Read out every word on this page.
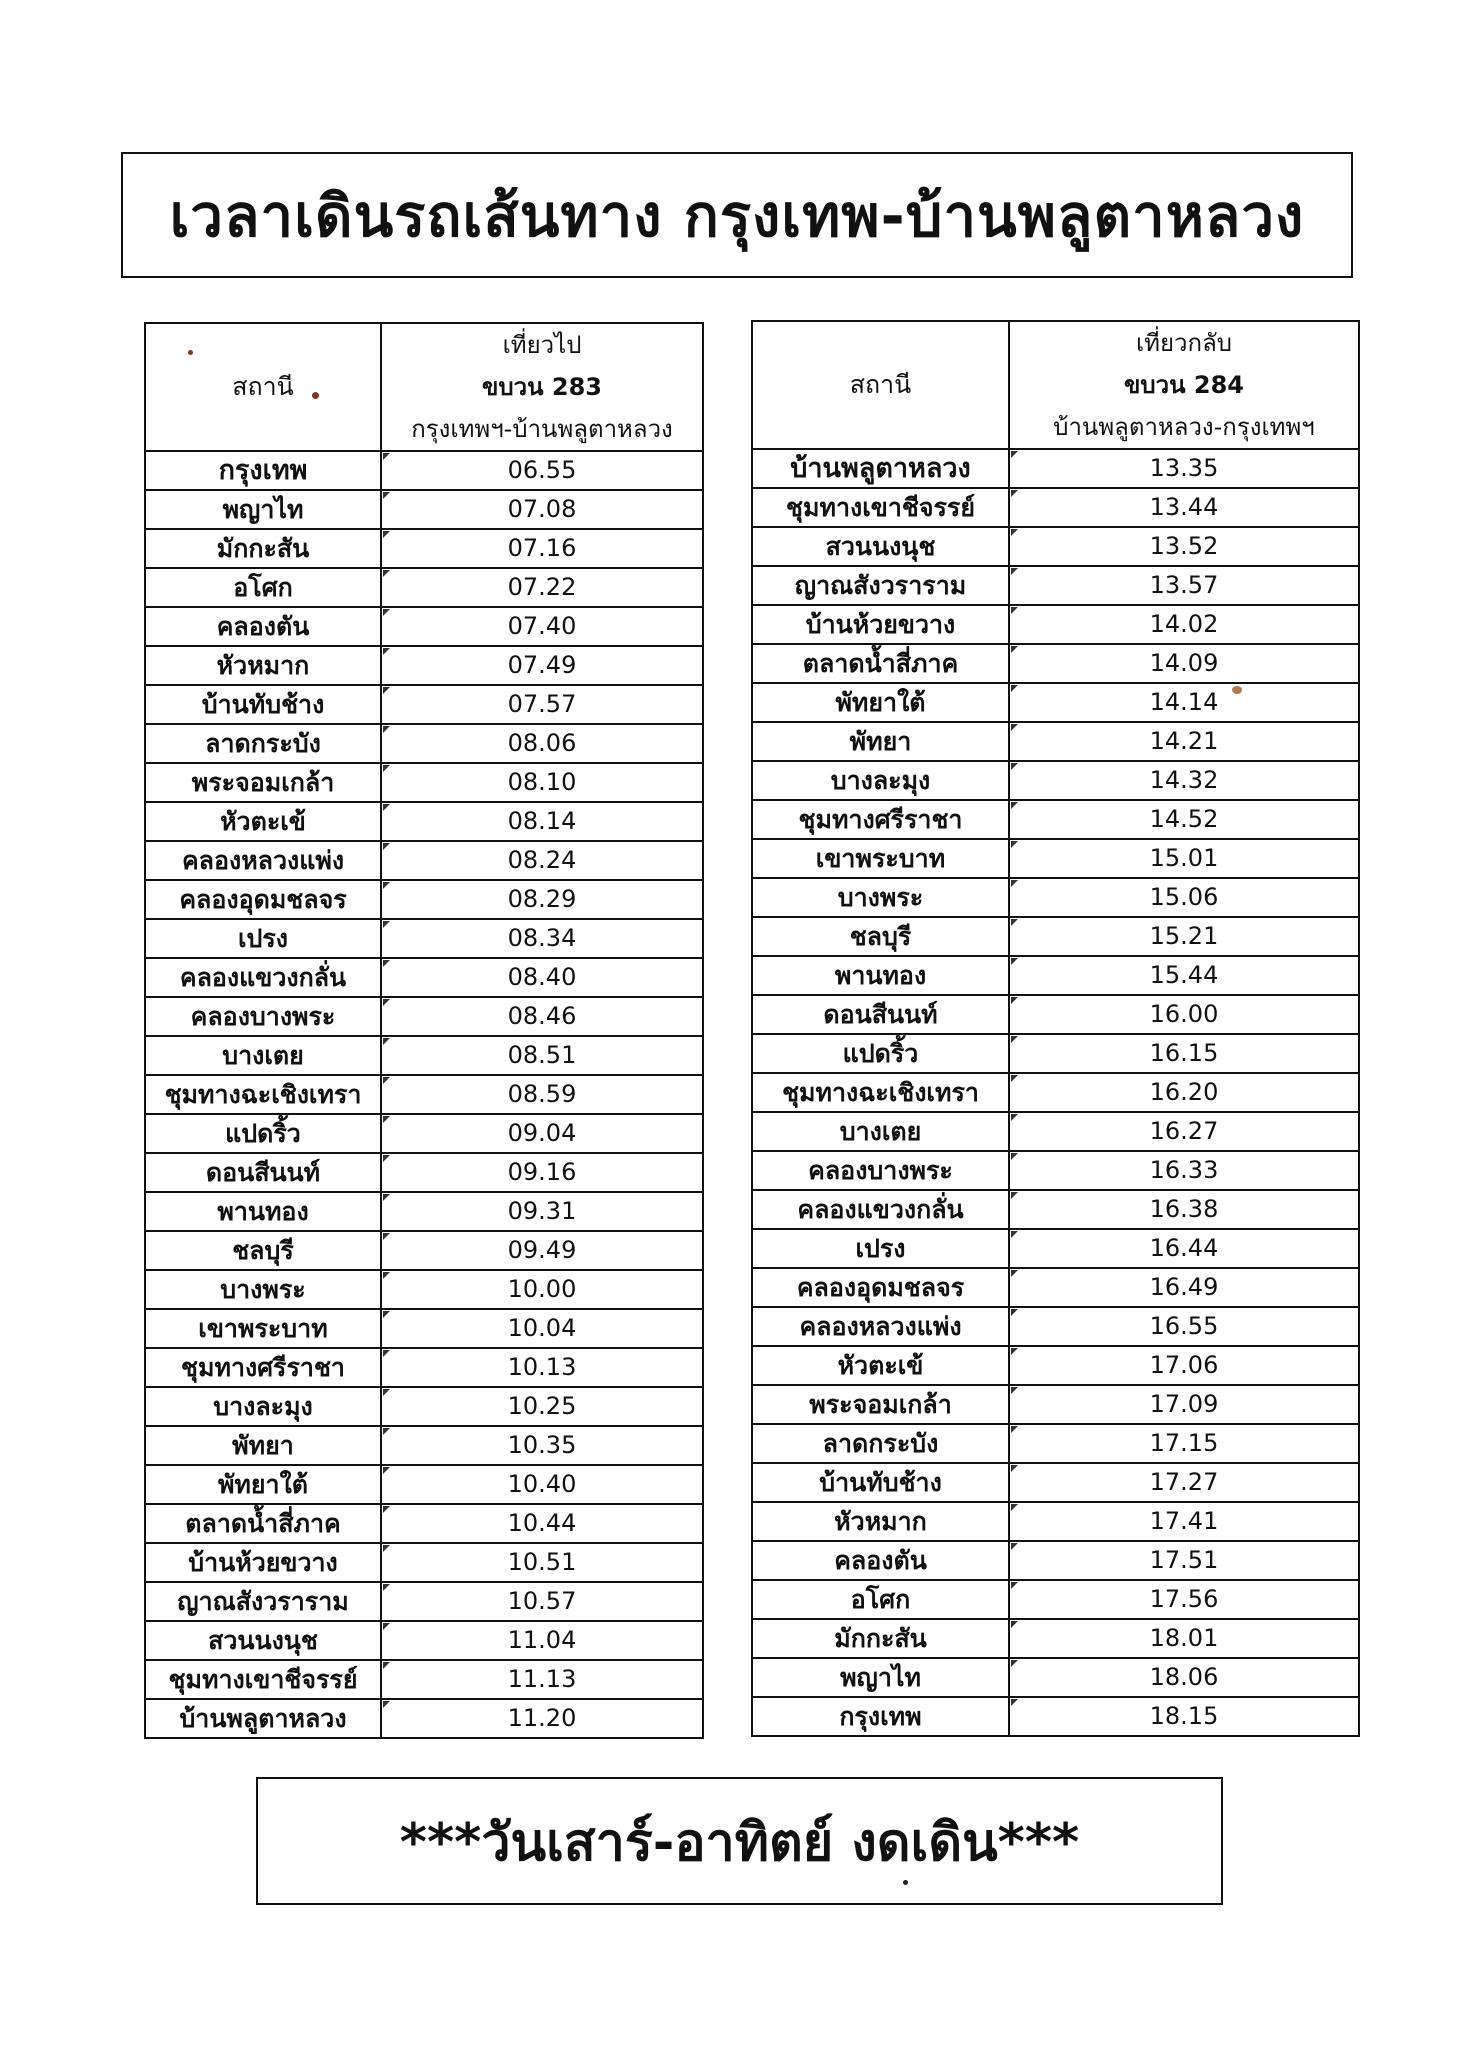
เวลาเดินรถเส้นทาง กรุงเทพ-บ้านพลูตาหลวง
สถานี	เที่ยวไป
ขบวน 283
กรุงเทพฯ-บ้านพลูตาหลวง

กรุงเทพ	06.55
พญาไท	07.08
มักกะสัน	07.16
อโศก	07.22
คลองตัน	07.40
หัวหมาก	07.49
บ้านทับช้าง	07.57
ลาดกระบัง	08.06
พระจอมเกล้า	08.10
หัวตะเข้	08.14
คลองหลวงแพ่ง	08.24
คลองอุดมชลจร	08.29
เปรง	08.34
คลองแขวงกลั่น	08.40
คลองบางพระ	08.46
บางเตย	08.51
ชุมทางฉะเชิงเทรา	08.59
แปดริ้ว	09.04
ดอนสีนนท์	09.16
พานทอง	09.31
ชลบุรี	09.49
บางพระ	10.00
เขาพระบาท	10.04
ชุมทางศรีราชา	10.13
บางละมุง	10.25
พัทยา	10.35
พัทยาใต้	10.40
ตลาดน้ำสี่ภาค	10.44
บ้านห้วยขวาง	10.51
ญาณสังวราราม	10.57
สวนนงนุช	11.04
ชุมทางเขาชีจรรย์	11.13
บ้านพลูตาหลวง	11.20
สถานี	เที่ยวกลับ
ขบวน 284
บ้านพลูตาหลวง-กรุงเทพฯ

บ้านพลูตาหลวง	13.35
ชุมทางเขาชีจรรย์	13.44
สวนนงนุช	13.52
ญาณสังวราราม	13.57
บ้านห้วยขวาง	14.02
ตลาดน้ำสี่ภาค	14.09
พัทยาใต้	14.14
พัทยา	14.21
บางละมุง	14.32
ชุมทางศรีราชา	14.52
เขาพระบาท	15.01
บางพระ	15.06
ชลบุรี	15.21
พานทอง	15.44
ดอนสีนนท์	16.00
แปดริ้ว	16.15
ชุมทางฉะเชิงเทรา	16.20
บางเตย	16.27
คลองบางพระ	16.33
คลองแขวงกลั่น	16.38
เปรง	16.44
คลองอุดมชลจร	16.49
คลองหลวงแพ่ง	16.55
หัวตะเข้	17.06
พระจอมเกล้า	17.09
ลาดกระบัง	17.15
บ้านทับช้าง	17.27
หัวหมาก	17.41
คลองตัน	17.51
อโศก	17.56
มักกะสัน	18.01
พญาไท	18.06
กรุงเทพ	18.15
***วันเสาร์-อาทิตย์ งดเดิน***
